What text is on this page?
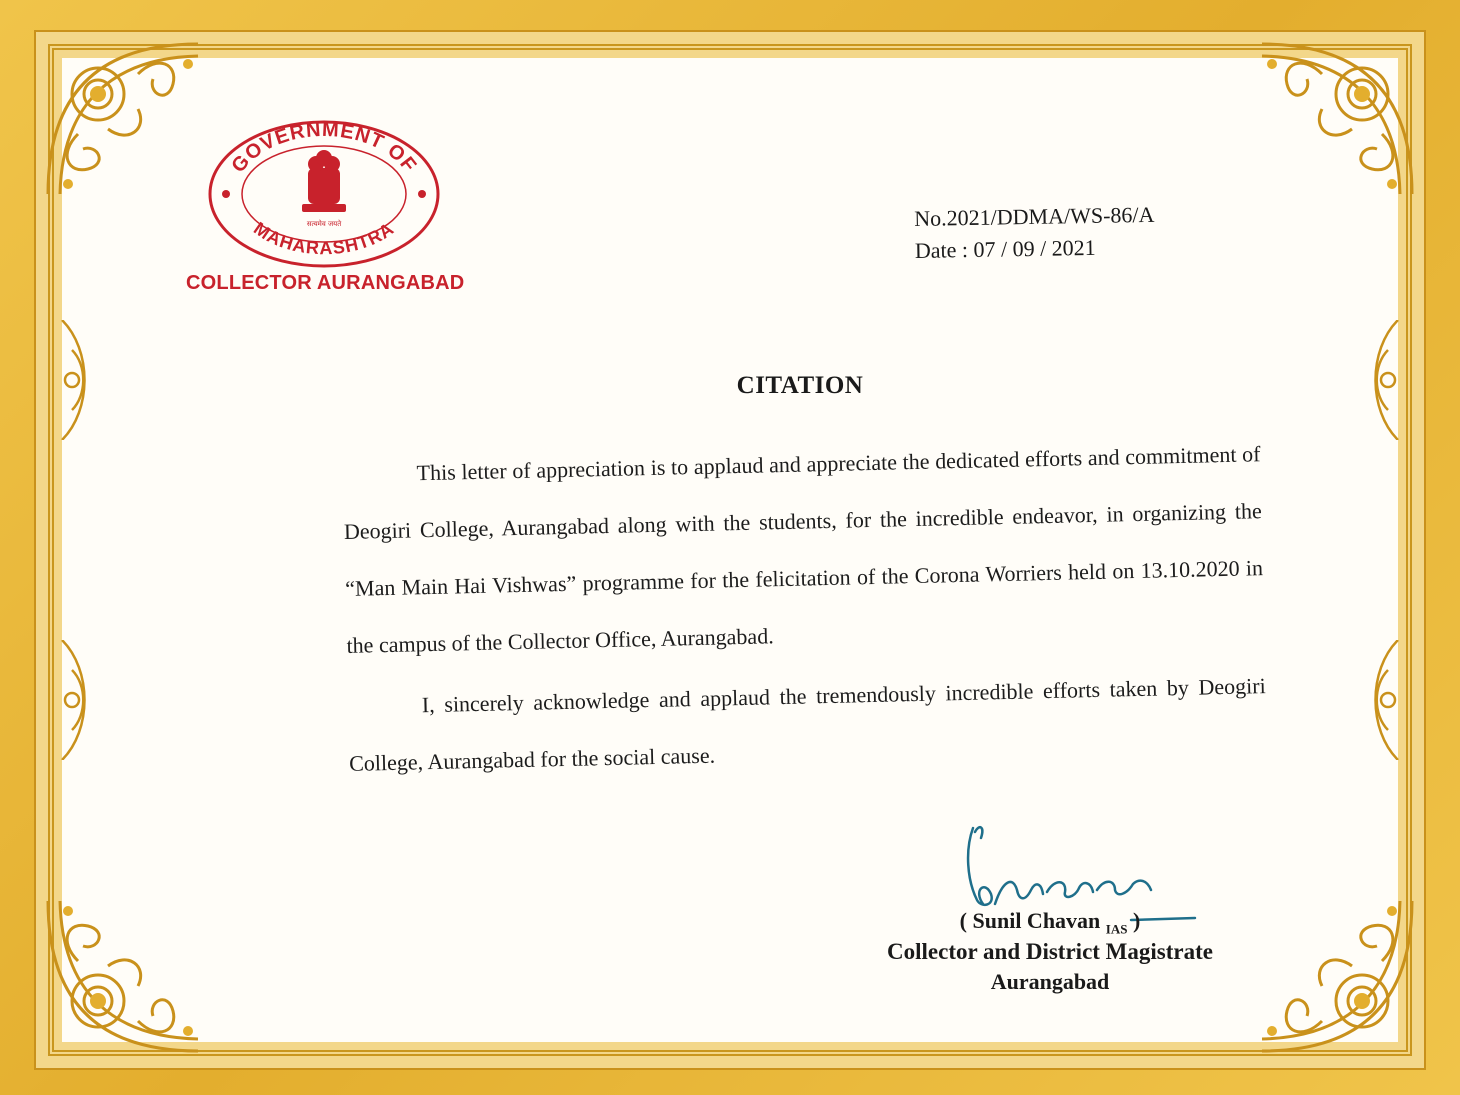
GOVERNMENT OF
MAHARASHTRA
सत्यमेव जयते
COLLECTOR AURANGABAD
No.2021/DDMA/WS-86/A
Date : 07 / 09 / 2021
CITATION

This letter of appreciation is to applaud and appreciate the dedicated efforts and commitment of Deogiri College, Aurangabad along with the students, for the incredible endeavor, in organizing the “Man Main Hai Vishwas” programme for the felicitation of the Corona Worriers held on 13.10.2020 in the campus of the Collector Office, Aurangabad.

I, sincerely acknowledge and applaud the tremendously incredible efforts taken by Deogiri College, Aurangabad for the social cause.

( Sunil Chavan $_{IAS}$ )
Collector and District Magistrate
Aurangabad
